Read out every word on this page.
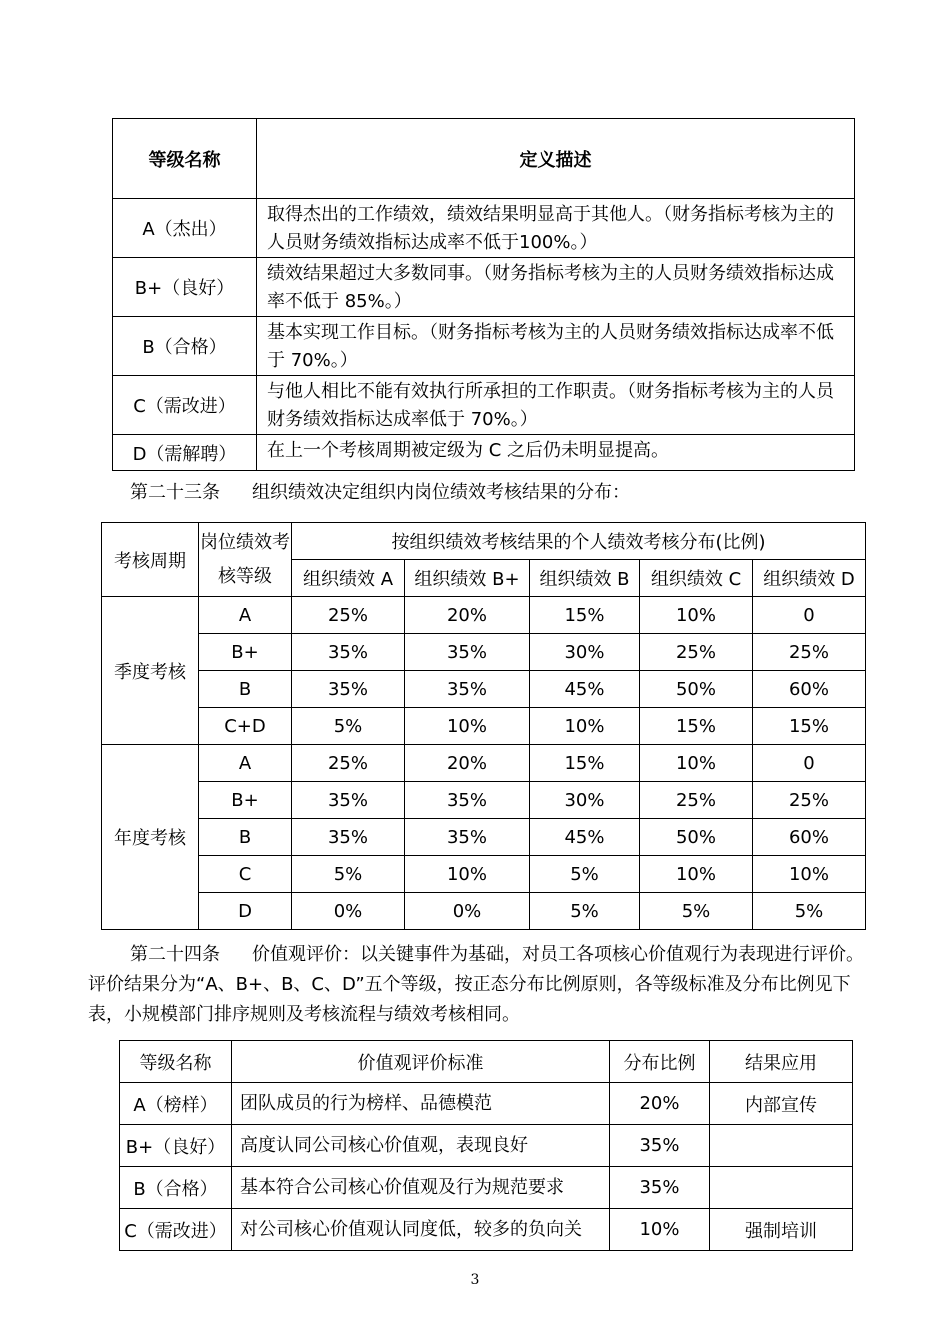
等级名称	定义描述
A（杰出）	取得杰出的工作绩效，绩效结果明显高于其他人。（财务指标考核为主的人员财务绩效指标达成率不低于100%。）
B+（良好）	绩效结果超过大多数同事。（财务指标考核为主的人员财务绩效指标达成率不低于 85%。）
B（合格）	基本实现工作目标。（财务指标考核为主的人员财务绩效指标达成率不低于 70%。）
C（需改进）	与他人相比不能有效执行所承担的工作职责。（财务指标考核为主的人员财务绩效指标达成率低于 70%。）
D（需解聘）	在上一个考核周期被定级为 C 之后仍未明显提高。

第二十三条 组织绩效决定组织内岗位绩效考核结果的分布：

考核周期	岗位绩效考核等级	按组织绩效考核结果的个人绩效考核分布(比例)				
		组织绩效 A	组织绩效 B+	组织绩效 B	组织绩效 C	组织绩效 D
季度考核	A	25%	20%	15%	10%	0
	B+	35%	35%	30%	25%	25%
	B	35%	35%	45%	50%	60%
	C+D	5%	10%	10%	15%	15%
年度考核	A	25%	20%	15%	10%	0
	B+	35%	35%	30%	25%	25%
	B	35%	35%	45%	50%	60%
	C	5%	10%	5%	10%	10%
	D	0%	0%	5%	5%	5%

第二十四条 价值观评价：以关键事件为基础，对员工各项核心价值观行为表现进行评价。评价结果分为“A、B+、B、C、D”五个等级，按正态分布比例原则，各等级标准及分布比例见下表，小规模部门排序规则及考核流程与绩效考核相同。

等级名称	价值观评价标准	分布比例	结果应用
A（榜样）	团队成员的行为榜样、品德模范	20%	内部宣传
B+（良好）	高度认同公司核心价值观，表现良好	35%	
B（合格）	基本符合公司核心价值观及行为规范要求	35%	
C（需改进）	对公司核心价值观认同度低，较多的负向关	10%	强制培训
3
